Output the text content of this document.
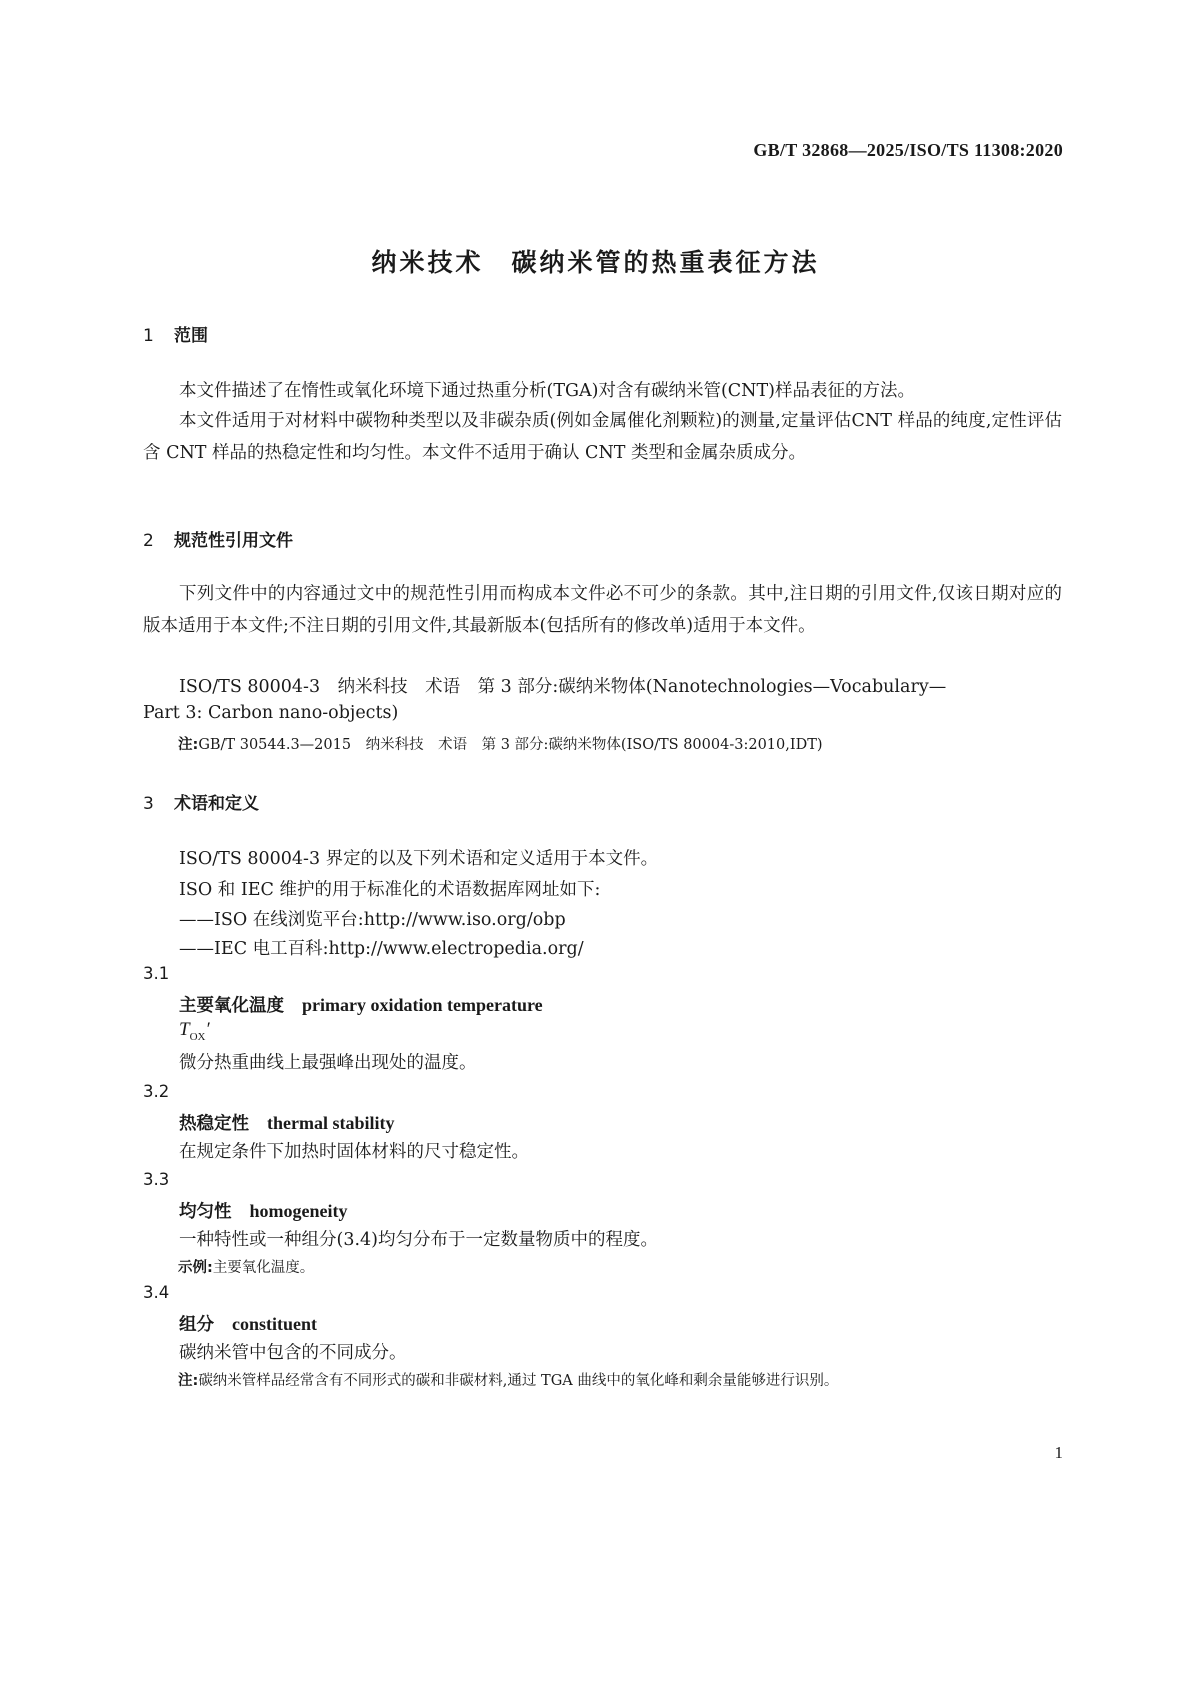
GB/T 32868—2025/ISO/TS 11308:2020
纳米技术　碳纳米管的热重表征方法
1 范围
本文件描述了在惰性或氧化环境下通过热重分析(TGA)对含有碳纳米管(CNT)样品表征的方法。
本文件适用于对材料中碳物种类型以及非碳杂质(例如金属催化剂颗粒)的测量,定量评估CNT 样品的纯度,定性评估含 CNT 样品的热稳定性和均匀性。本文件不适用于确认 CNT 类型和金属杂质成分。
2 规范性引用文件
下列文件中的内容通过文中的规范性引用而构成本文件必不可少的条款。其中,注日期的引用文件,仅该日期对应的版本适用于本文件;不注日期的引用文件,其最新版本(包括所有的修改单)适用于本文件。
ISO/TS 80004-3　纳米科技　术语　第 3 部分:碳纳米物体(Nanotechnologies—Vocabulary—
Part 3: Carbon nano-objects)
注:GB/T 30544.3—2015　纳米科技　术语　第 3 部分:碳纳米物体(ISO/TS 80004-3:2010,IDT)
3 术语和定义
ISO/TS 80004-3 界定的以及下列术语和定义适用于本文件。
ISO 和 IEC 维护的用于标准化的术语数据库网址如下:
——ISO 在线浏览平台:http://www.iso.org/obp
——IEC 电工百科:http://www.electropedia.org/
3.1
主要氧化温度 primary oxidation temperature
$T_{OX}'$
微分热重曲线上最强峰出现处的温度。
3.2
热稳定性 thermal stability
在规定条件下加热时固体材料的尺寸稳定性。
3.3
均匀性 homogeneity
一种特性或一种组分(3.4)均匀分布于一定数量物质中的程度。
示例:主要氧化温度。
3.4
组分 constituent
碳纳米管中包含的不同成分。
注:碳纳米管样品经常含有不同形式的碳和非碳材料,通过 TGA 曲线中的氧化峰和剩余量能够进行识别。
1
